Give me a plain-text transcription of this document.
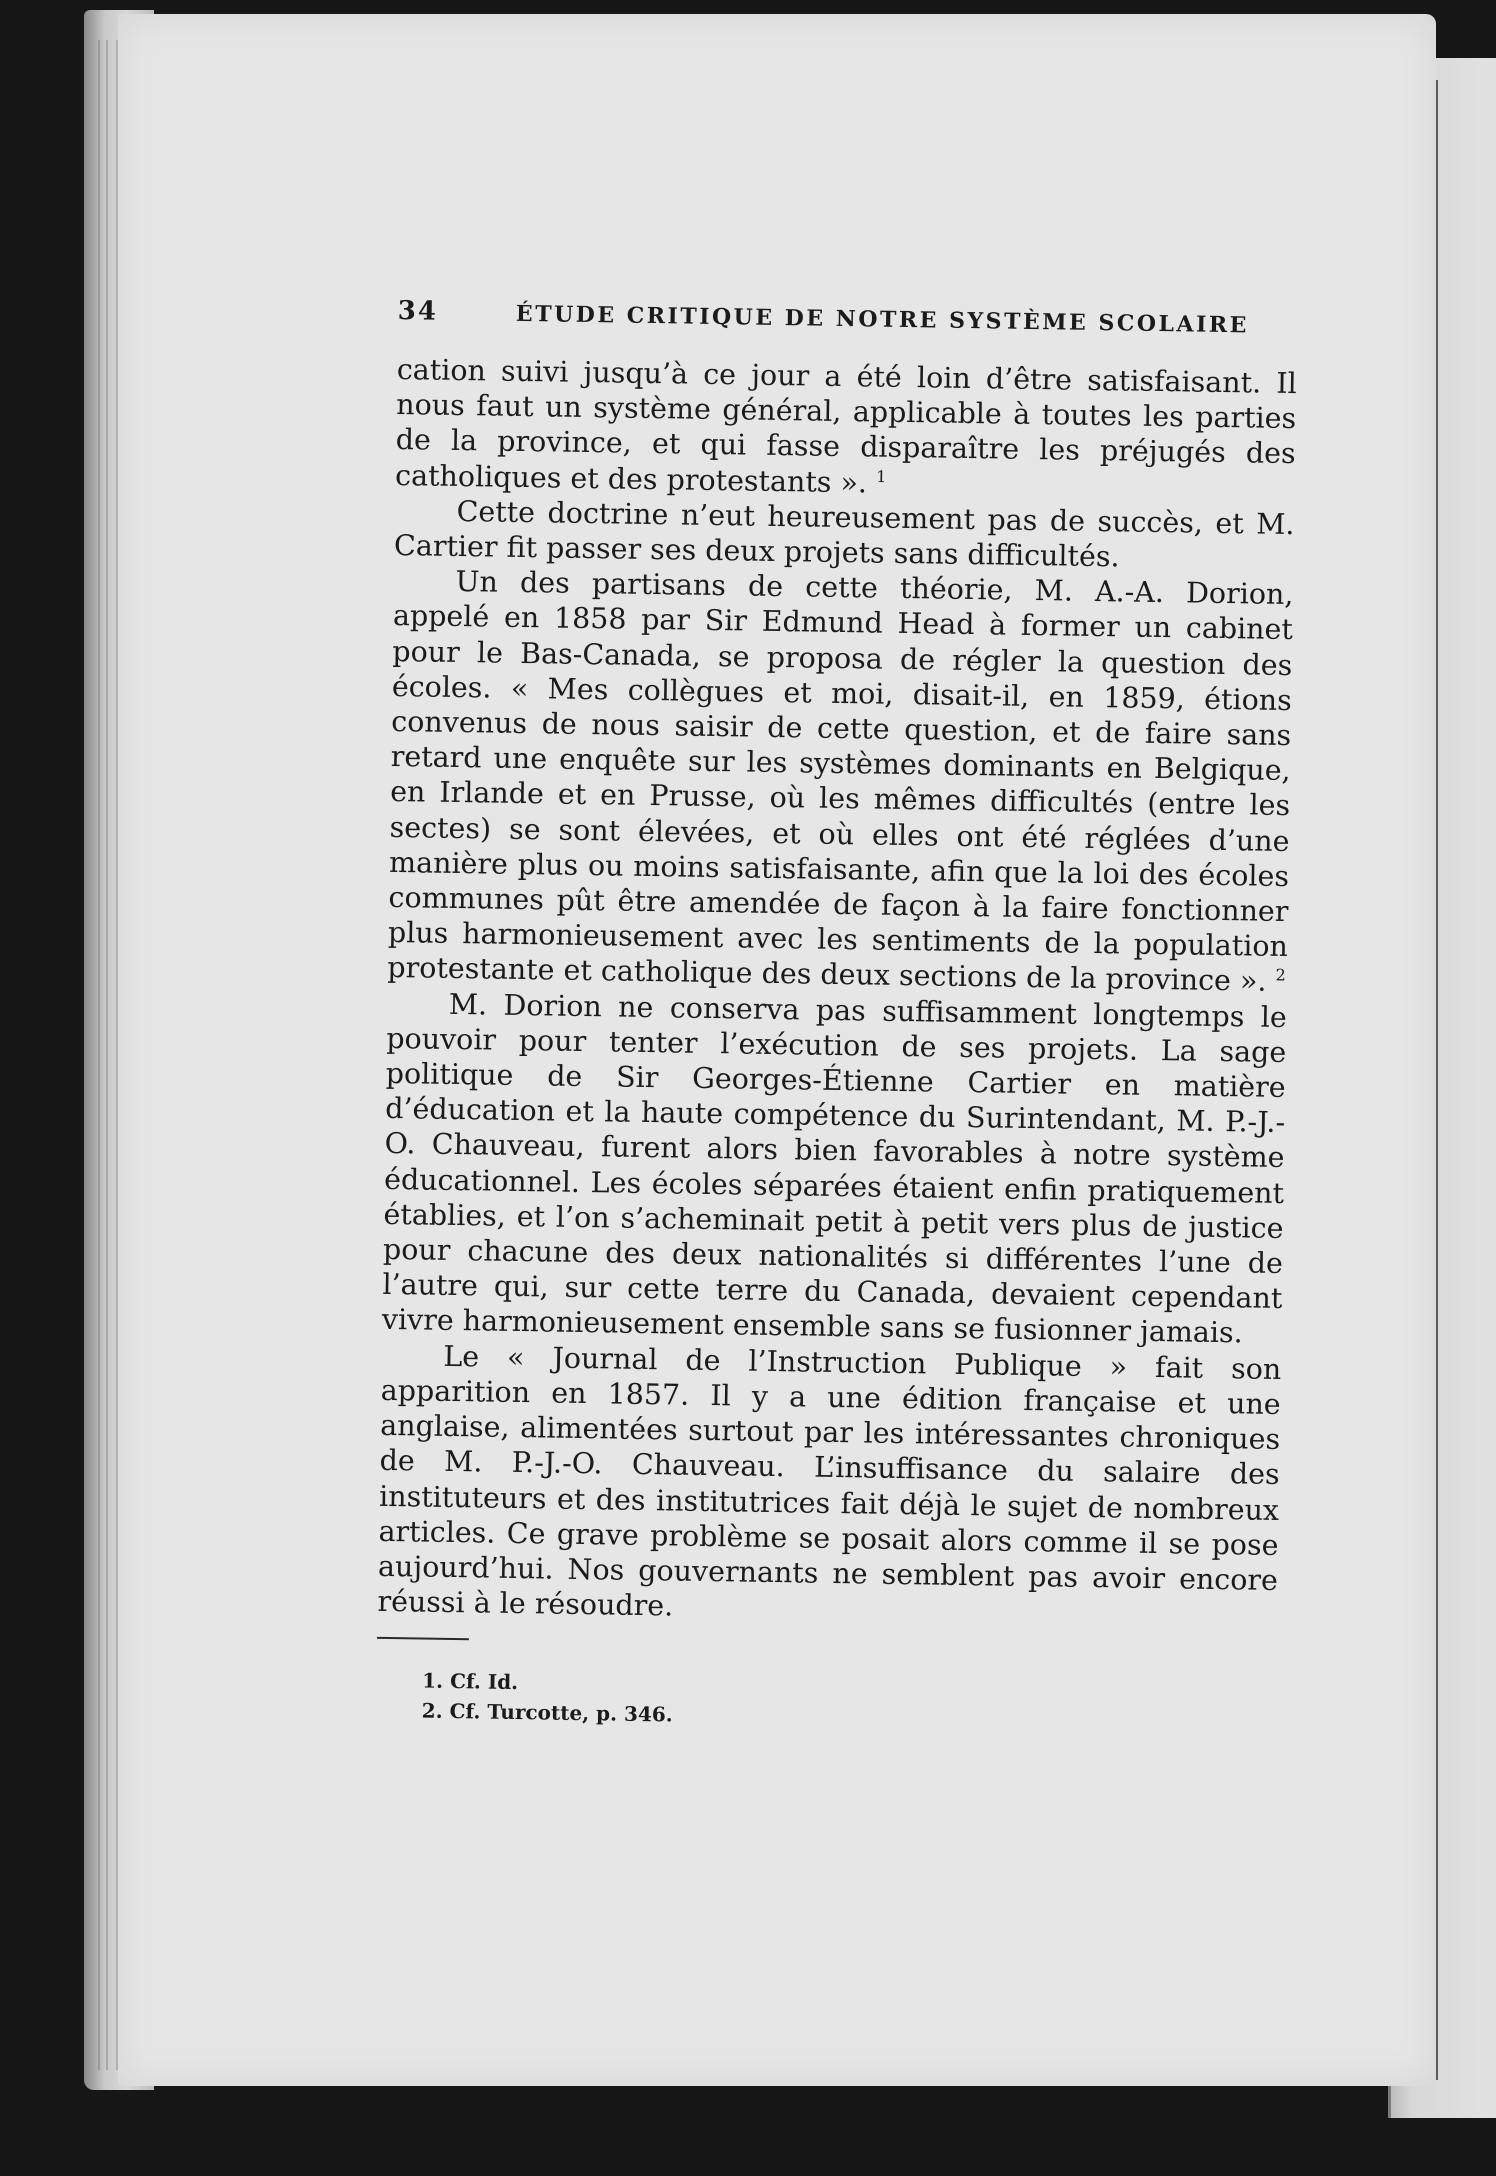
34	ÉTUDE CRITIQUE DE NOTRE SYSTÈME SCOLAIRE

cation suivi jusqu’à ce jour a été loin d’être satisfaisant. Il nous faut un système général, applicable à toutes les parties de la province, et qui fasse disparaître les préjugés des catholiques et des protestants ». $^1$

Cette doctrine n’eut heureusement pas de succès, et M. Cartier fit passer ses deux projets sans difficultés.

Un des partisans de cette théorie, M. A.-A. Dorion, appelé en 1858 par Sir Edmund Head à former un cabinet pour le Bas-Canada, se proposa de régler la question des écoles. « Mes collègues et moi, disait-il, en 1859, étions convenus de nous saisir de cette question, et de faire sans retard une enquête sur les systèmes dominants en Belgique, en Irlande et en Prusse, où les mêmes difficultés (entre les sectes) se sont élevées, et où elles ont été réglées d’une manière plus ou moins satisfaisante, afin que la loi des écoles communes pût être amendée de façon à la faire fonctionner plus harmonieusement avec les sentiments de la population protestante et catholique des deux sections de la province ». $^2$

M. Dorion ne conserva pas suffisamment longtemps le pouvoir pour tenter l’exécution de ses projets. La sage politique de Sir Georges-Étienne Cartier en matière d’éducation et la haute compétence du Surintendant, M. P.-J.-O. Chauveau, furent alors bien favorables à notre système éducationnel. Les écoles séparées étaient enfin pratiquement établies, et l’on s’acheminait petit à petit vers plus de justice pour chacune des deux nationalités si différentes l’une de l’autre qui, sur cette terre du Canada, devaient cependant vivre harmonieusement ensemble sans se fusionner jamais.

Le « Journal de l’Instruction Publique » fait son apparition en 1857. Il y a une édition française et une anglaise, alimentées surtout par les intéressantes chroniques de M. P.-J.-O. Chauveau. L’insuffisance du salaire des instituteurs et des institutrices fait déjà le sujet de nombreux articles. Ce grave problème se posait alors comme il se pose aujourd’hui. Nos gouvernants ne semblent pas avoir encore réussi à le résoudre.

1. Cf. Id.
2. Cf. Turcotte, p. 346.
